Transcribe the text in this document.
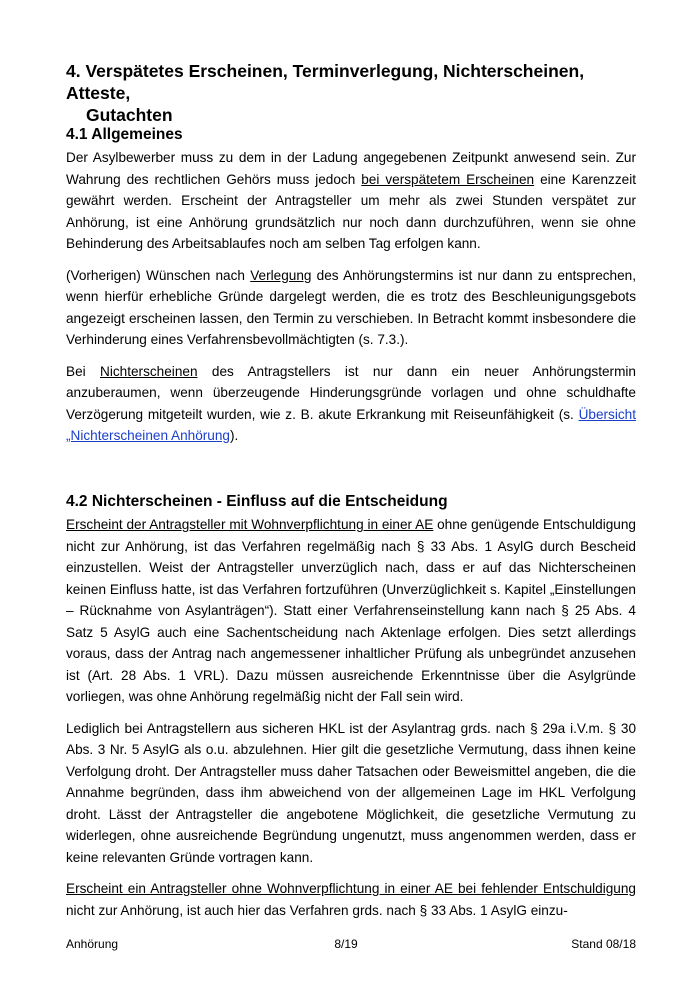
4. Verspätetes Erscheinen, Terminverlegung, Nichterscheinen, Atteste,
Gutachten
4.1 Allgemeines

Der Asylbewerber muss zu dem in der Ladung angegebenen Zeitpunkt anwesend sein. Zur Wahrung des rechtlichen Gehörs muss jedoch bei verspätetem Erscheinen eine Karenzzeit gewährt werden. Erscheint der Antragsteller um mehr als zwei Stunden verspätet zur Anhörung, ist eine Anhörung grundsätzlich nur noch dann durchzuführen, wenn sie ohne Behinderung des Arbeitsablaufes noch am selben Tag erfolgen kann.

(Vorherigen) Wünschen nach Verlegung des Anhörungstermins ist nur dann zu entsprechen, wenn hierfür erhebliche Gründe dargelegt werden, die es trotz des Beschleunigungsgebots angezeigt erscheinen lassen, den Termin zu verschieben. In Betracht kommt insbesondere die Verhinderung eines Verfahrensbevollmächtigten (s. 7.3.).

Bei Nichterscheinen des Antragstellers ist nur dann ein neuer Anhörungstermin anzuberaumen, wenn überzeugende Hinderungsgründe vorlagen und ohne schuldhafte Verzögerung mitgeteilt wurden, wie z. B. akute Erkrankung mit Reiseunfähigkeit (s. Übersicht „Nichterscheinen Anhörung).

4.2 Nichterscheinen - Einfluss auf die Entscheidung

Erscheint der Antragsteller mit Wohnverpflichtung in einer AE ohne genügende Entschuldigung nicht zur Anhörung, ist das Verfahren regelmäßig nach § 33 Abs. 1 AsylG durch Bescheid einzustellen. Weist der Antragsteller unverzüglich nach, dass er auf das Nichterscheinen keinen Einfluss hatte, ist das Verfahren fortzuführen (Unverzüglichkeit s. Kapitel „Einstellungen – Rücknahme von Asylanträgen“). Statt einer Verfahrenseinstellung kann nach § 25 Abs. 4 Satz 5 AsylG auch eine Sachentscheidung nach Aktenlage erfolgen. Dies setzt allerdings voraus, dass der Antrag nach angemessener inhaltlicher Prüfung als unbegründet anzusehen ist (Art. 28 Abs. 1 VRL). Dazu müssen ausreichende Erkenntnisse über die Asylgründe vorliegen, was ohne Anhörung regelmäßig nicht der Fall sein wird.

Lediglich bei Antragstellern aus sicheren HKL ist der Asylantrag grds. nach § 29a i.V.m. § 30 Abs. 3 Nr. 5 AsylG als o.u. abzulehnen. Hier gilt die gesetzliche Vermutung, dass ihnen keine Verfolgung droht. Der Antragsteller muss daher Tatsachen oder Beweismittel angeben, die die Annahme begründen, dass ihm abweichend von der allgemeinen Lage im HKL Verfolgung droht. Lässt der Antragsteller die angebotene Möglichkeit, die gesetzliche Vermutung zu widerlegen, ohne ausreichende Begründung ungenutzt, muss angenommen werden, dass er keine relevanten Gründe vortragen kann.

Erscheint ein Antragsteller ohne Wohnverpflichtung in einer AE bei fehlender Entschuldigung nicht zur Anhörung, ist auch hier das Verfahren grds. nach § 33 Abs. 1 AsylG einzu-

Anhörung	8/19	Stand 08/18
